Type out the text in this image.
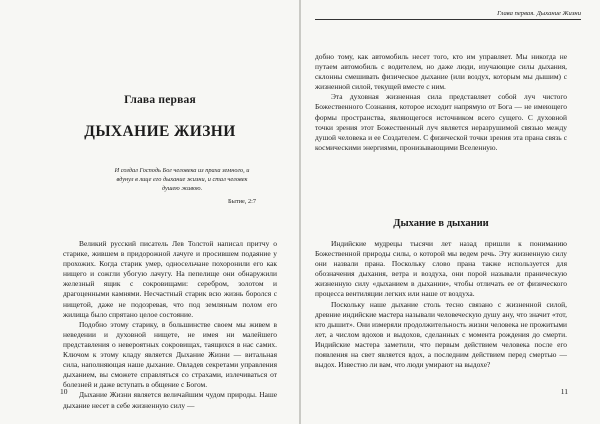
Глава первая
ДЫХАНИЕ ЖИЗНИ
И создал Господь Бог человека из праха земного, и вдунул в лице его дыхание жизни, и стал человек душею живою.
Бытие, 2:7

Великий русский писатель Лев Толстой написал притчу о старике, жившем в придорожной лачуге и просившем подаяние у прохожих. Когда старик умер, односельчане похоронили его как нищего и сожгли убогую лачугу. На пепелище они обнаружили железный ящик с сокровищами: серебром, золотом и драгоценными камнями. Несчастный старик всю жизнь боролся с нищетой, даже не подозревая, что под земляным полом его жилища было спрятано целое состояние.

Подобно этому старику, в большинстве своем мы живем в неведении и духовной нищете, не имея ни малейшего представления о невероятных сокровищах, таящихся в нас самих. Ключом к этому кладу является Дыхание Жизни — витальная сила, наполняющая наше дыхание. Овладев секретами управления дыханием, вы сможете справляться со страхами, излечиваться от болезней и даже вступать в общение с Богом.

Дыхание Жизни является величайшим чудом природы. Наше дыхание несет в себе жизненную силу —

10
Глава первая. Дыхание Жизни

добно тому, как автомобиль несет того, кто им управляет. Мы никогда не путаем автомобиль с водителем, но даже люди, изучающие силы дыхания, склонны смешивать физическое дыхание (или воздух, которым мы дышим) с жизненной силой, текущей вместе с ним.

Эта духовная жизненная сила представляет собой луч чистого Божественного Сознания, которое исходит напрямую от Бога — не имеющего формы пространства, являющегося источником всего сущего. С духовной точки зрения этот Божественный луч является неразрушимой связью между душой человека и ее Создателем. С физической точки зрения эта прана связь с космическими энергиями, пронизывающими Вселенную.

Дыхание в дыхании

Индийские мудрецы тысячи лет назад пришли к пониманию Божественной природы силы, о которой мы ведем речь. Эту жизненную силу они назвали прана. Поскольку слово прана также используется для обозначения дыхания, ветра и воздуха, они порой называли праническую жизненную силу «дыханием в дыхании», чтобы отличать ее от физического процесса вентиляции легких или наше от воздуха.

Поскольку наше дыхание столь тесно связано с жизненной силой, древние индийские мастера называли человеческую душу ану, что значит «тот, кто дышит». Они измеряли продолжительность жизни человека не прожитыми лет, а числом вдохов и выдохов, сделанных с момента рождения до смерти. Индийские мастера заметили, что первым действием человека после его появления на свет является вдох, а последним действием перед смертью — выдох. Известно ли вам, что люди умирают на выдохе?

11
